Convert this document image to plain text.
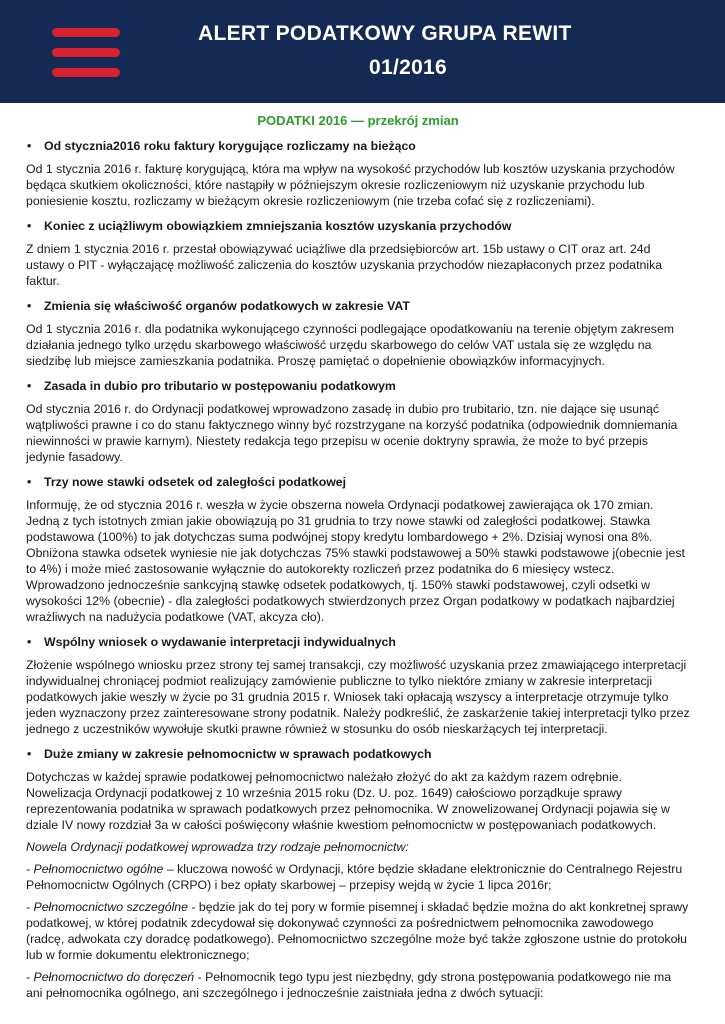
ALERT PODATKOWY GRUPA REWIT
01/2016
PODATKI 2016 — przekrój zmian
• Od stycznia2016 roku faktury korygujące rozliczamy na bieżąco

Od 1 stycznia 2016 r. fakturę korygującą, która ma wpływ na wysokość przychodów lub kosztów uzyskania przychodów będąca skutkiem okoliczności, które nastąpiły w późniejszym okresie rozliczeniowym niż uzyskanie przychodu lub poniesienie kosztu, rozliczamy w bieżącym okresie rozliczeniowym (nie trzeba cofać się z rozliczeniami).

• Koniec z uciążliwym obowiązkiem zmniejszania kosztów uzyskania przychodów

Z dniem 1 stycznia 2016 r. przestał obowiązywać uciążliwe dla przedsiębiorców art. 15b ustawy o CIT oraz art. 24d ustawy o PIT - wyłączającę możliwość zaliczenia do kosztów uzyskania przychodów niezapłaconych przez podatnika faktur.

• Zmienia się właściwość organów podatkowych w zakresie VAT

Od 1 stycznia 2016 r. dla podatnika wykonującego czynności podlegające opodatkowaniu na terenie objętym zakresem działania jednego tylko urzędu skarbowego właściwość urzędu skarbowego do celów VAT ustala się ze względu na siedzibę lub miejsce zamieszkania podatnika. Proszę pamiętać o dopełnienie obowiązków informacyjnych.

• Zasada in dubio pro tributario w postępowaniu podatkowym

Od stycznia 2016 r. do Ordynacji podatkowej wprowadzono zasadę in dubio pro trubitario, tzn. nie dające się usunąć wątpliwości prawne i co do stanu faktycznego winny być rozstrzygane na korzyść podatnika (odpowiednik domniemania niewinności w prawie karnym). Niestety redakcja tego przepisu w ocenie doktryny sprawia, że może to być przepis jedynie fasadowy.

• Trzy nowe stawki odsetek od zaległości podatkowej

Informuję, że od stycznia 2016 r. weszła w życie obszerna nowela Ordynacji podatkowej zawierająca ok 170 zmian. Jedną z tych istotnych zmian jakie obowiązują po 31 grudnia to trzy nowe stawki od zaległości podatkowej. Stawka podstawowa (100%) to jak dotychczas suma podwójnej stopy kredytu lombardowego + 2%. Dzisiaj wynosi ona 8%. Obniżona stawka odsetek wyniesie nie jak dotychczas 75% stawki podstawowej a 50% stawki podstawowe j(obecnie jest to 4%) i może mieć zastosowanie wyłącznie do autokorekty rozliczeń przez podatnika do 6 miesięcy wstecz. Wprowadzono jednocześnie sankcyjną stawkę odsetek podatkowych, tj. 150% stawki podstawowej, czyli odsetki w wysokości 12% (obecnie) - dla zaległości podatkowych stwierdzonych przez Organ podatkowy w podatkach najbardziej wrażliwych na nadużycia podatkowe (VAT, akcyza cło).

• Wspólny wniosek o wydawanie interpretacji indywidualnych

Złożenie wspólnego wniosku przez strony tej samej transakcji, czy możliwość uzyskania przez zmawiającego interpretacji indywidualnej chroniącej podmiot realizujący zamówienie publiczne to tylko niektóre zmiany w zakresie interpretacji podatkowych jakie weszły w życie po 31 grudnia 2015 r. Wniosek taki opłacają wszyscy a interpretacje otrzymuje tylko jeden wyznaczony przez zainteresowane strony podatnik. Należy podkreślić, że zaskarżenie takiej interpretacji tylko przez jednego z uczestników wywołuje skutki prawne również w stosunku do osób nieskarżących tej interpretacji.

• Duże zmiany w zakresie pełnomocnictw w sprawach podatkowych

Dotychczas w każdej sprawie podatkowej pełnomocnictwo należało złożyć do akt za każdym razem odrębnie. Nowelizacja Ordynacji podatkowej z 10 września 2015 roku (Dz. U. poz. 1649) całościowo porządkuje sprawy reprezentowania podatnika w sprawach podatkowych przez pełnomocnika. W znowelizowanej Ordynacji pojawia się w dziale IV nowy rozdział 3a w całości poświęcony właśnie kwestiom pełnomocnictw w postępowaniach podatkowych.

Nowela Ordynacji podatkowej wprowadza trzy rodzaje pełnomocnictw:

- Pełnomocnictwo ogólne – kluczowa nowość w Ordynacji, które będzie składane elektronicznie do Centralnego Rejestru Pełnomocnictw Ogólnych (CRPO) i bez opłaty skarbowej – przepisy wejdą w życie 1 lipca 2016r;

- Pełnomocnictwo szczególne - będzie jak do tej pory w formie pisemnej i składać będzie można do akt konkretnej sprawy podatkowej, w której podatnik zdecydował się dokonywać czynności za pośrednictwem pełnomocnika zawodowego (radcę, adwokata czy doradcę podatkowego). Pełnomocnictwo szczególne może być także zgłoszone ustnie do protokołu lub w formie dokumentu elektronicznego;

- Pełnomocnictwo do doręczeń - Pełnomocnik tego typu jest niezbędny, gdy strona postępowania podatkowego nie ma ani pełnomocnika ogólnego, ani szczególnego i jednocześnie zaistniała jedna z dwóch sytuacji:
